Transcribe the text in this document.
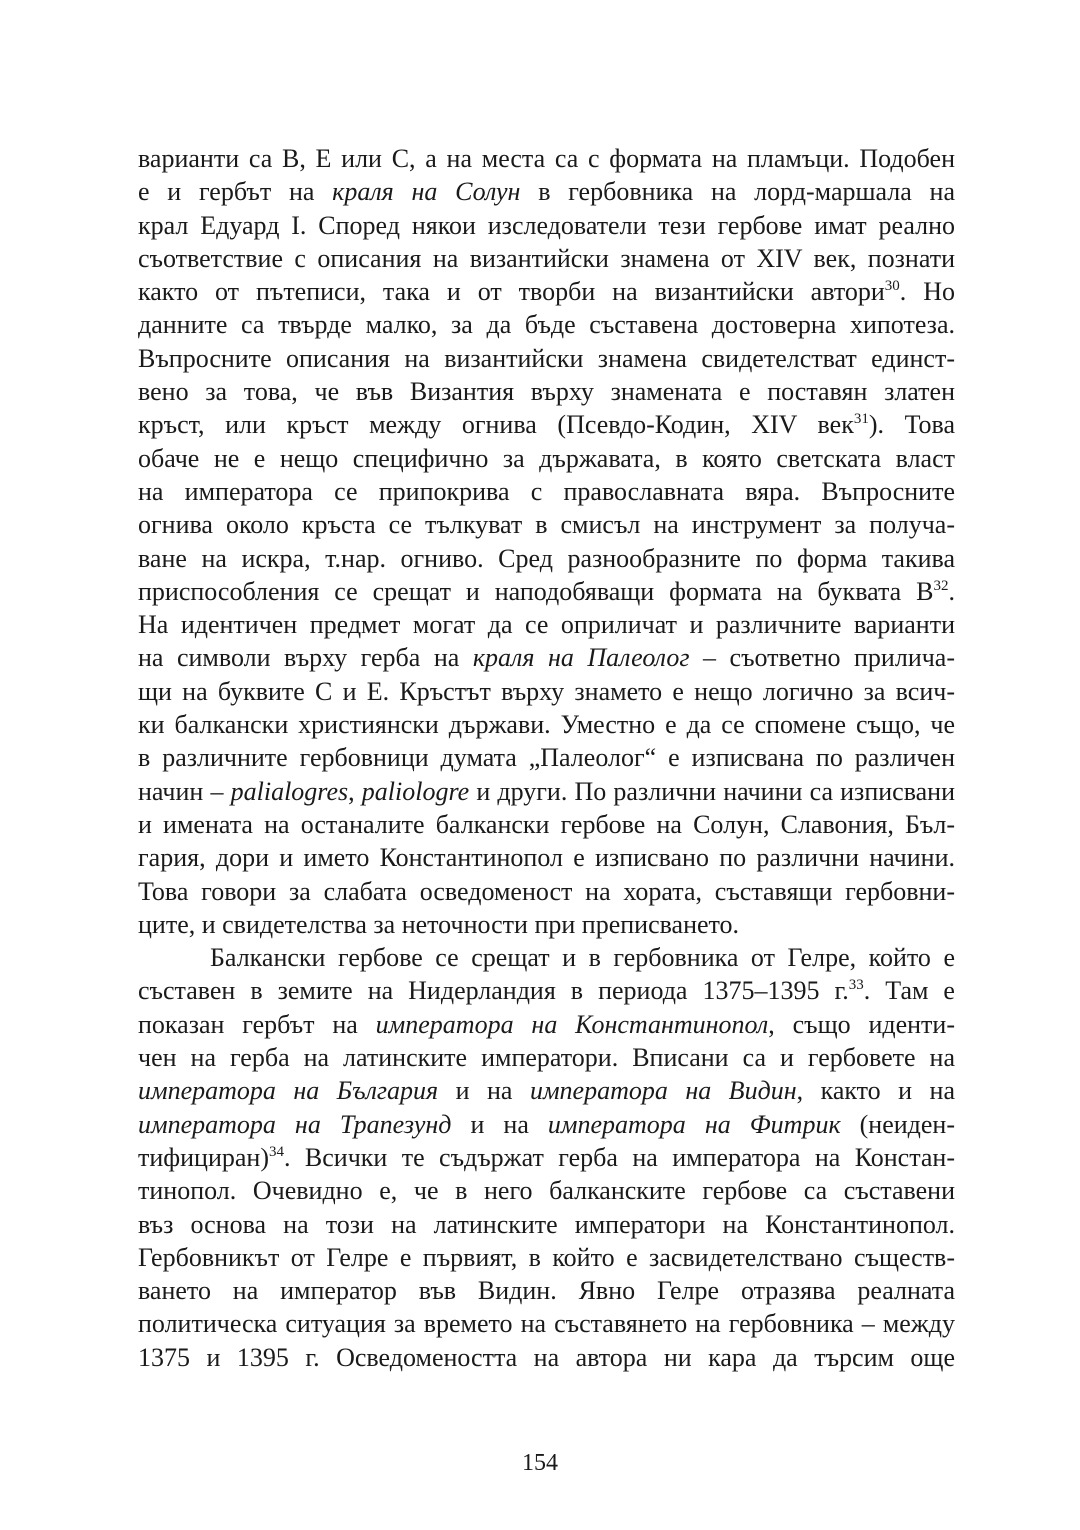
варианти са B, E или C, а на места са с формата на пламъци. Подобен
е и гербът на краля на Солун в гербовника на лорд-маршала на
крал Едуард I. Според някои изследователи тези гербове имат реално
съответствие с описания на византийски знамена от XIV век, познати
както от пътеписи, така и от творби на византийски автори$^{30}$. Но
данните са твърде малко, за да бъде съставена достоверна хипотеза.
Въпросните описания на византийски знамена свидетелстват единст-
вено за това, че във Византия върху знамената е поставян златен
кръст, или кръст между огнива (Псевдо-Кодин, XIV век$^{31}$). Това
обаче не е нещо специфично за държавата, в която светската власт
на императора се припокрива с православната вяра. Въпросните
огнива около кръста се тълкуват в смисъл на инструмент за получа-
ване на искра, т.нар. огниво. Сред разнообразните по форма такива
приспособления се срещат и наподобяващи формата на буквата $B^{32}$.
На идентичен предмет могат да се оприличат и различните варианти
на символи върху герба на краля на Палеолог – съответно прилича-
щи на буквите C и E. Кръстът върху знамето е нещо логично за всич-
ки балкански християнски държави. Уместно е да се спомене също, че
в различните гербовници думата „Палеолог“ е изписвана по различен
начин – palialogres, paliologre и други. По различни начини са изписвани
и имената на останалите балкански гербове на Солун, Славония, Бъл-
гария, дори и името Константинопол е изписвано по различни начини.
Това говори за слабата осведоменост на хората, съставящи гербовни-
ците, и свидетелства за неточности при преписването.
Балкански гербове се срещат и в гербовника от Гелре, който е
съставен в земите на Нидерландия в периода 1375–1395 г.$^{33}$. Там е
показан гербът на императора на Константинопол, също иденти-
чен на герба на латинските императори. Вписани са и гербовете на
императора на България и на императора на Видин, както и на
императора на Трапезунд и на императора на Фитрик (неиден-
тифициран)$^{34}$. Всички те съдържат герба на императора на Констан-
тинопол. Очевидно е, че в него балканските гербове са съставени
въз основа на този на латинските императори на Константинопол.
Гербовникът от Гелре е първият, в който е засвидетелствано съществ-
ването на император във Видин. Явно Гелре отразява реалната
политическа ситуация за времето на съставянето на гербовника – между
1375 и 1395 г. Осведомеността на автора ни кара да търсим още
154
